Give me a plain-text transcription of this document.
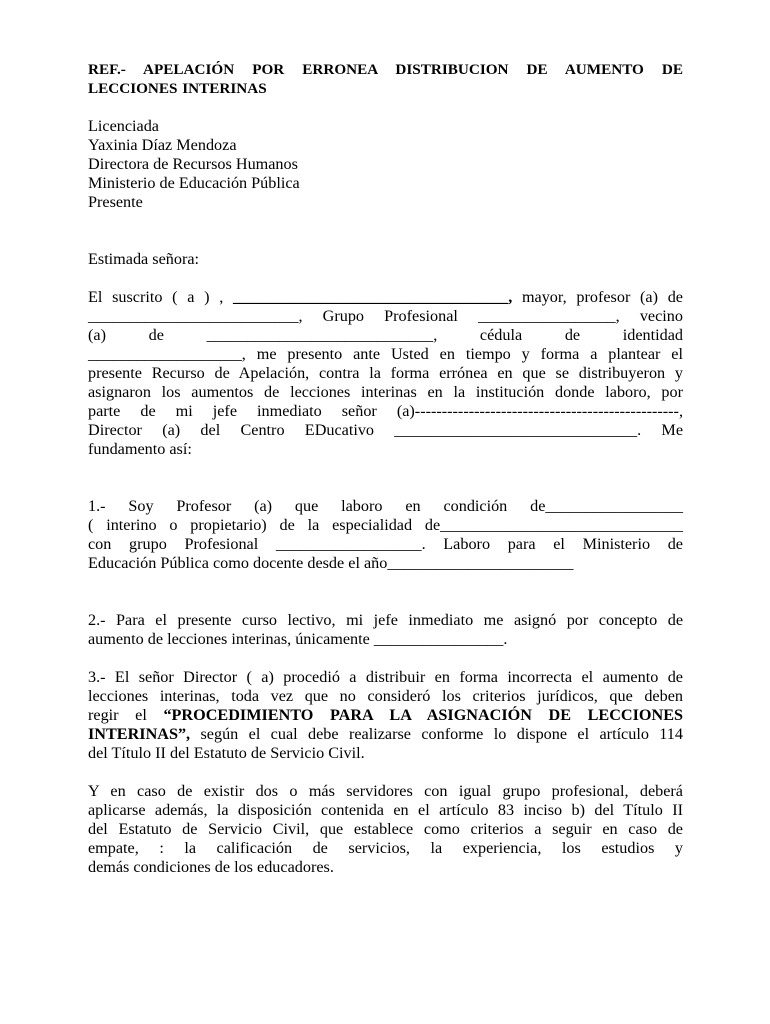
REF.- APELACIÓN POR ERRONEA DISTRIBUCION DE AUMENTO DE
LECCIONES INTERINAS
Licenciada
Yaxinia Díaz Mendoza
Directora de Recursos Humanos
Ministerio de Educación Pública
Presente
Estimada señora:
El suscrito ( a ) , __________________________________, mayor, profesor (a) de
__________________________, Grupo Profesional _________________, vecino
(a) de ____________________________, cédula de identidad
___________________, me presento ante Usted en tiempo y forma a plantear el
presente Recurso de Apelación, contra la forma errónea en que se distribuyeron y
asignaron los aumentos de lecciones interinas en la institución donde laboro, por
parte de mi jefe inmediato señor (a)-------------------------------------------------,
Director (a) del Centro EDucativo ______________________________. Me
fundamento así:
1.- Soy Profesor (a) que laboro en condición de_________________
( interino o propietario) de la especialidad de______________________________
con grupo Profesional __________________. Laboro para el Ministerio de
Educación Pública como docente desde el año_______________________
2.- Para el presente curso lectivo, mi jefe inmediato me asignó por concepto de
aumento de lecciones interinas, únicamente ________________.
3.- El señor Director ( a) procedió a distribuir en forma incorrecta el aumento de
lecciones interinas, toda vez que no consideró los criterios jurídicos, que deben
regir el “PROCEDIMIENTO PARA LA ASIGNACIÓN DE LECCIONES
INTERINAS”, según el cual debe realizarse conforme lo dispone el artículo 114
del Título II del Estatuto de Servicio Civil.
Y en caso de existir dos o más servidores con igual grupo profesional, deberá
aplicarse además, la disposición contenida en el artículo 83 inciso b) del Título II
del Estatuto de Servicio Civil, que establece como criterios a seguir en caso de
empate, : la calificación de servicios, la experiencia, los estudios y
demás condiciones de los educadores.
